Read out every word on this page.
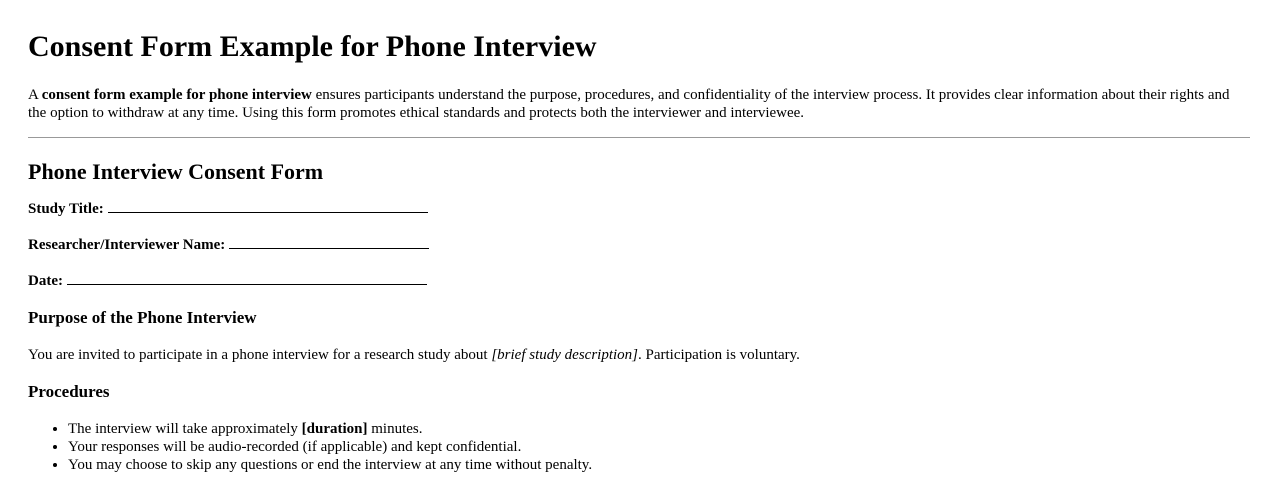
Consent Form Example for Phone Interview

A consent form example for phone interview ensures participants understand the purpose, procedures, and confidentiality of the interview process. It provides clear information about their rights and the option to withdraw at any time. Using this form promotes ethical standards and protects both the interviewer and interviewee.

Phone Interview Consent Form
Study Title:
Researcher/Interviewer Name:
Date:
Purpose of the Phone Interview

You are invited to participate in a phone interview for a research study about [brief study description]. Participation is voluntary.

Procedures
• The interview will take approximately [duration] minutes.
• Your responses will be audio-recorded (if applicable) and kept confidential.
• You may choose to skip any questions or end the interview at any time without penalty.
